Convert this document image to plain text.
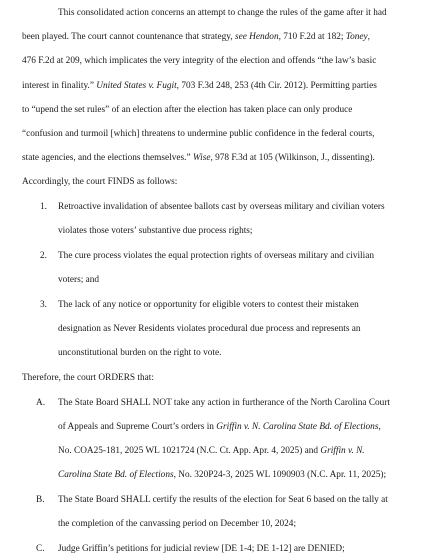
This consolidated action concerns an attempt to change the rules of the game after it had
been played. The court cannot countenance that strategy, see Hendon, 710 F.2d at 182; Toney,
476 F.2d at 209, which implicates the very integrity of the election and offends “the law’s basic
interest in finality.” United States v. Fugit, 703 F.3d 248, 253 (4th Cir. 2012). Permitting parties
to “upend the set rules” of an election after the election has taken place can only produce
“confusion and turmoil [which] threatens to undermine public confidence in the federal courts,
state agencies, and the elections themselves.” Wise, 978 F.3d at 105 (Wilkinson, J., dissenting).
Accordingly, the court FINDS as follows:
1. Retroactive invalidation of absentee ballots cast by overseas military and civilian voters
violates those voters’ substantive due process rights;
2. The cure process violates the equal protection rights of overseas military and civilian
voters; and
3. The lack of any notice or opportunity for eligible voters to contest their mistaken
designation as Never Residents violates procedural due process and represents an
unconstitutional burden on the right to vote.
Therefore, the court ORDERS that:
A. The State Board SHALL NOT take any action in furtherance of the North Carolina Court
of Appeals and Supreme Court’s orders in Griffin v. N. Carolina State Bd. of Elections,
No. COA25-181, 2025 WL 1021724 (N.C. Ct. App. Apr. 4, 2025) and Griffin v. N.
Carolina State Bd. of Elections, No. 320P24-3, 2025 WL 1090903 (N.C. Apr. 11, 2025);
B. The State Board SHALL certify the results of the election for Seat 6 based on the tally at
the completion of the canvassing period on December 10, 2024;
C. Judge Griffin’s petitions for judicial review [DE 1-4; DE 1-12] are DENIED;
